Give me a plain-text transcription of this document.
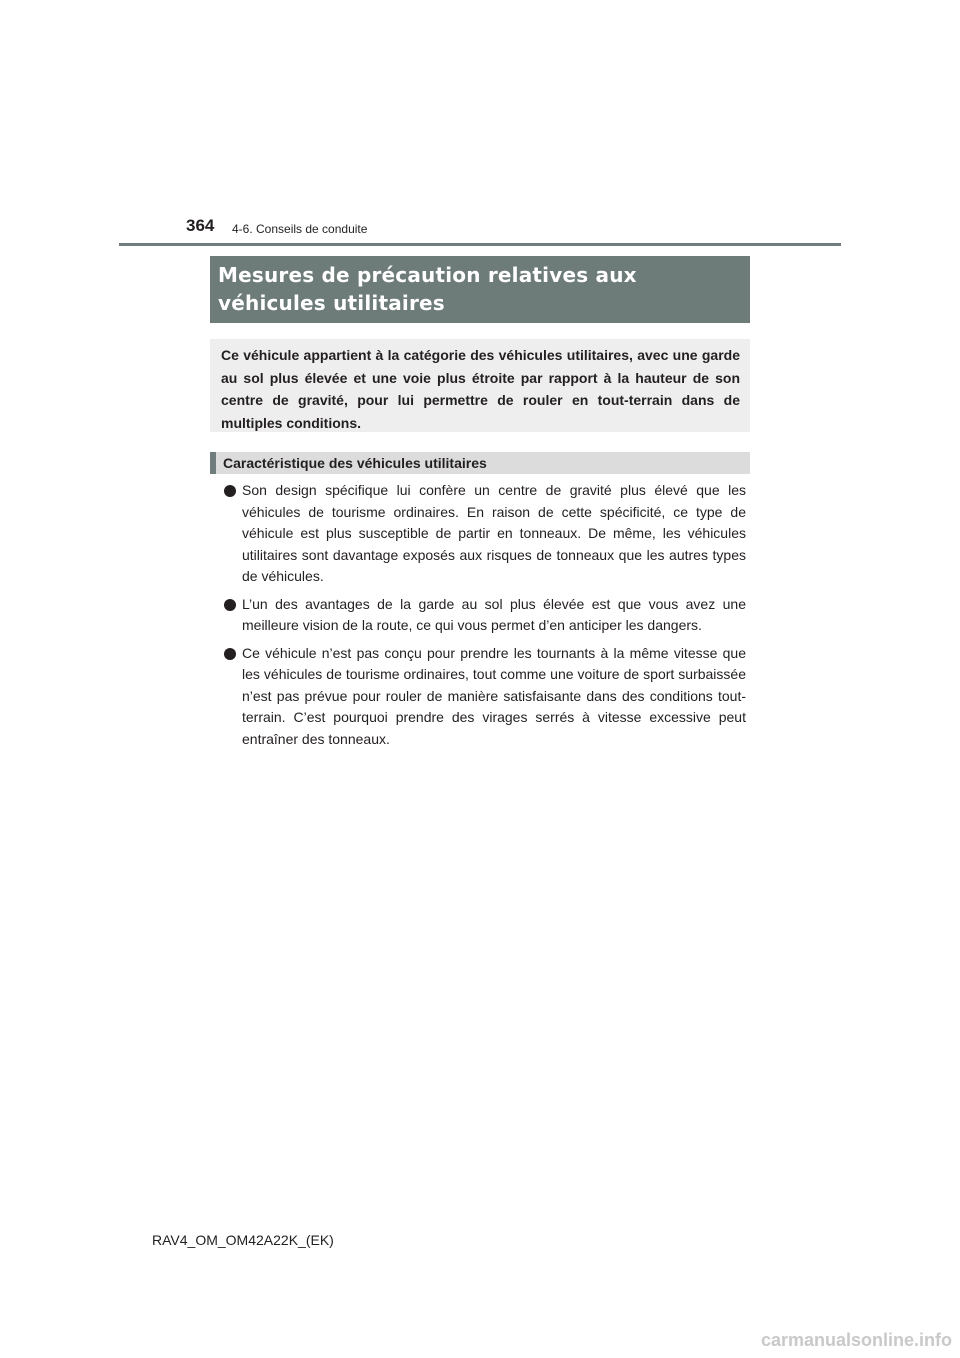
364 4-6. Conseils de conduite
Mesures de précaution relatives aux véhicules utilitaires
Ce véhicule appartient à la catégorie des véhicules utilitaires, avec une garde au sol plus élevée et une voie plus étroite par rapport à la hauteur de son centre de gravité, pour lui permettre de rouler en tout-terrain dans de multiples conditions.
Caractéristique des véhicules utilitaires
Son design spécifique lui confère un centre de gravité plus élevé que les véhicules de tourisme ordinaires. En raison de cette spécificité, ce type de véhicule est plus susceptible de partir en tonneaux. De même, les véhicules utilitaires sont davantage exposés aux risques de tonneaux que les autres types de véhicules.
L’un des avantages de la garde au sol plus élevée est que vous avez une meilleure vision de la route, ce qui vous permet d’en anticiper les dangers.
Ce véhicule n’est pas conçu pour prendre les tournants à la même vitesse que les véhicules de tourisme ordinaires, tout comme une voiture de sport surbaissée n’est pas prévue pour rouler de manière satisfaisante dans des conditions tout-terrain. C’est pourquoi prendre des virages serrés à vitesse excessive peut entraîner des tonneaux.
RAV4_OM_OM42A22K_(EK)
carmanualsonline.info
